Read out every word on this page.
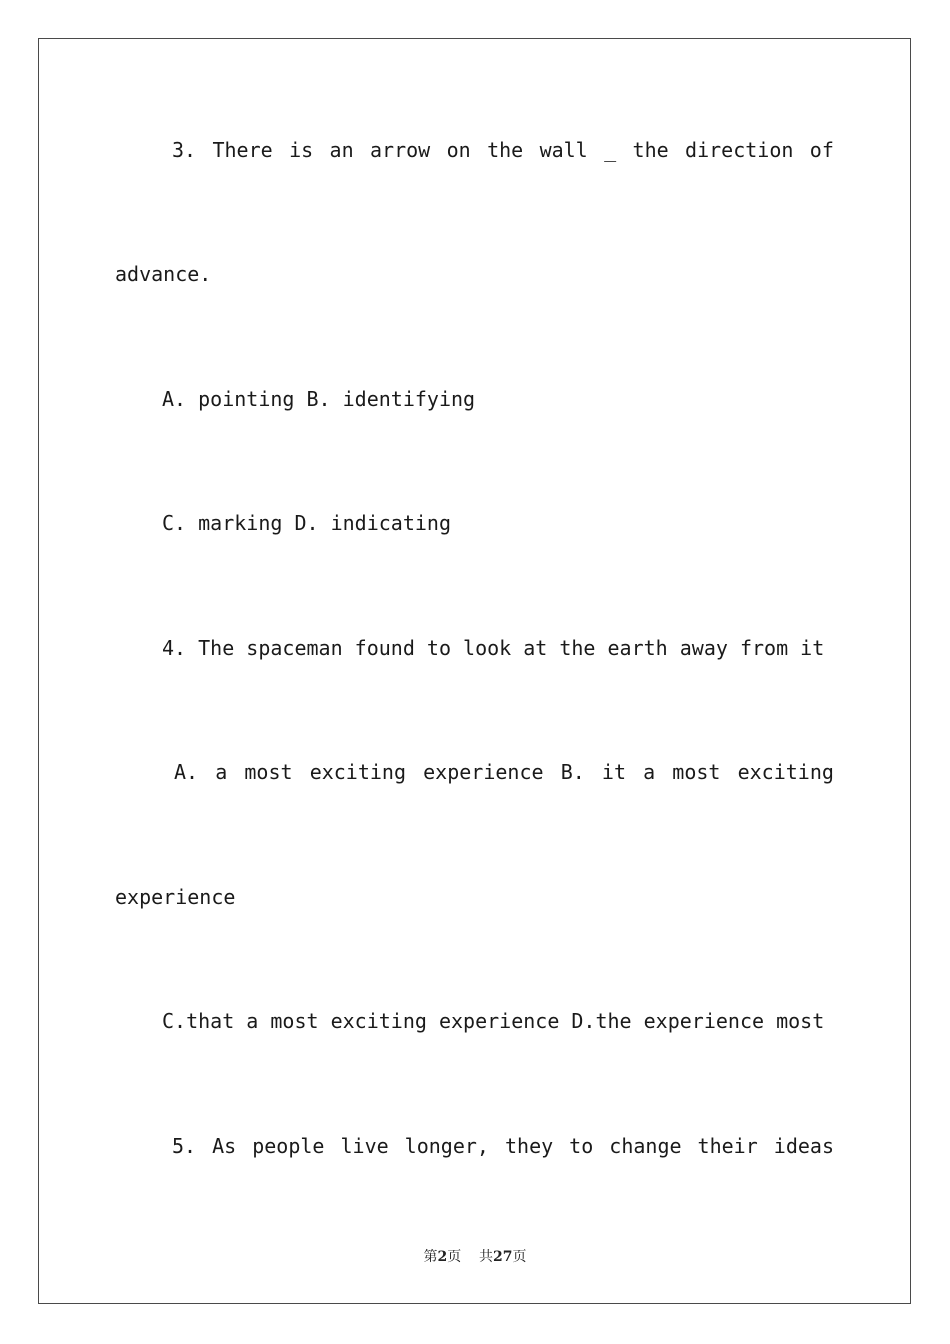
3. There is an arrow on the wall _ the direction of
advance.
A. pointing B. identifying
C. marking D. indicating
4. The spaceman found to look at the earth away from it
A. a most exciting experience B. it a most exciting
experience
C.that a most exciting experience D.the experience most
5. As people live longer, they to change their ideas
第2页 共27页
